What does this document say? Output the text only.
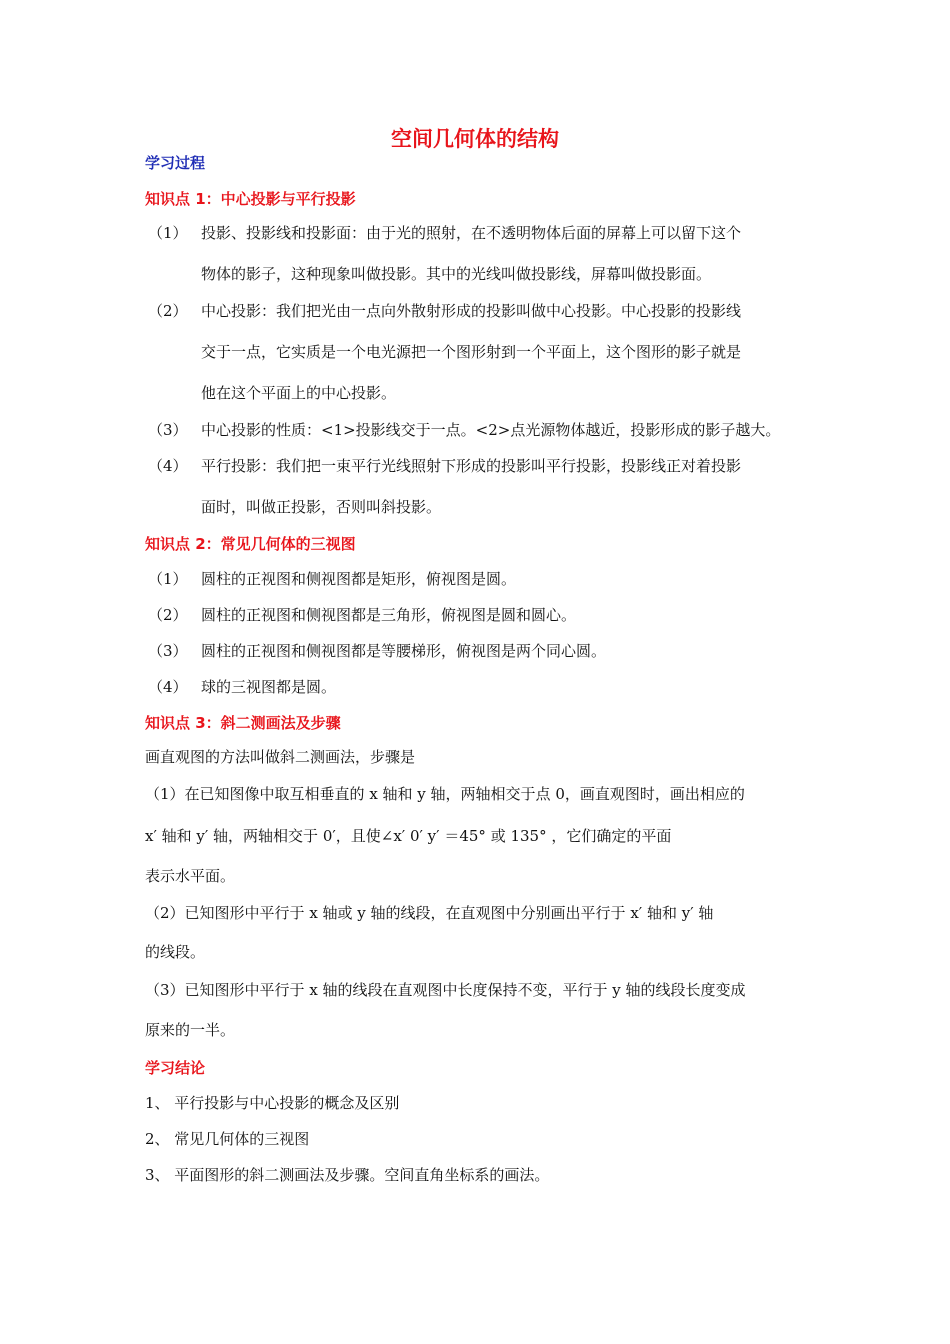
空间几何体的结构
学习过程
知识点 1：中心投影与平行投影
（1） 投影、投影线和投影面：由于光的照射，在不透明物体后面的屏幕上可以留下这个
物体的影子，这种现象叫做投影。其中的光线叫做投影线，屏幕叫做投影面。
（2） 中心投影：我们把光由一点向外散射形成的投影叫做中心投影。中心投影的投影线
交于一点，它实质是一个电光源把一个图形射到一个平面上，这个图形的影子就是
他在这个平面上的中心投影。
（3） 中心投影的性质：<1>投影线交于一点。<2>点光源物体越近，投影形成的影子越大。
（4） 平行投影：我们把一束平行光线照射下形成的投影叫平行投影，投影线正对着投影
面时，叫做正投影，否则叫斜投影。
知识点 2：常见几何体的三视图
（1） 圆柱的正视图和侧视图都是矩形，俯视图是圆。
（2） 圆柱的正视图和侧视图都是三角形，俯视图是圆和圆心。
（3） 圆柱的正视图和侧视图都是等腰梯形，俯视图是两个同心圆。
（4） 球的三视图都是圆。
知识点 3：斜二测画法及步骤
画直观图的方法叫做斜二测画法，步骤是
（1）在已知图像中取互相垂直的 x 轴和 y 轴，两轴相交于点 0，画直观图时，画出相应的
x′ 轴和 y′ 轴，两轴相交于 0′，且使∠x′ 0′ y′ ＝45° 或 135° ，它们确定的平面
表示水平面。
（2）已知图形中平行于 x 轴或 y 轴的线段，在直观图中分别画出平行于 x′ 轴和 y′ 轴
的线段。
（3）已知图形中平行于 x 轴的线段在直观图中长度保持不变，平行于 y 轴的线段长度变成
原来的一半。
学习结论
1、 平行投影与中心投影的概念及区别
2、 常见几何体的三视图
3、 平面图形的斜二测画法及步骤。空间直角坐标系的画法。
